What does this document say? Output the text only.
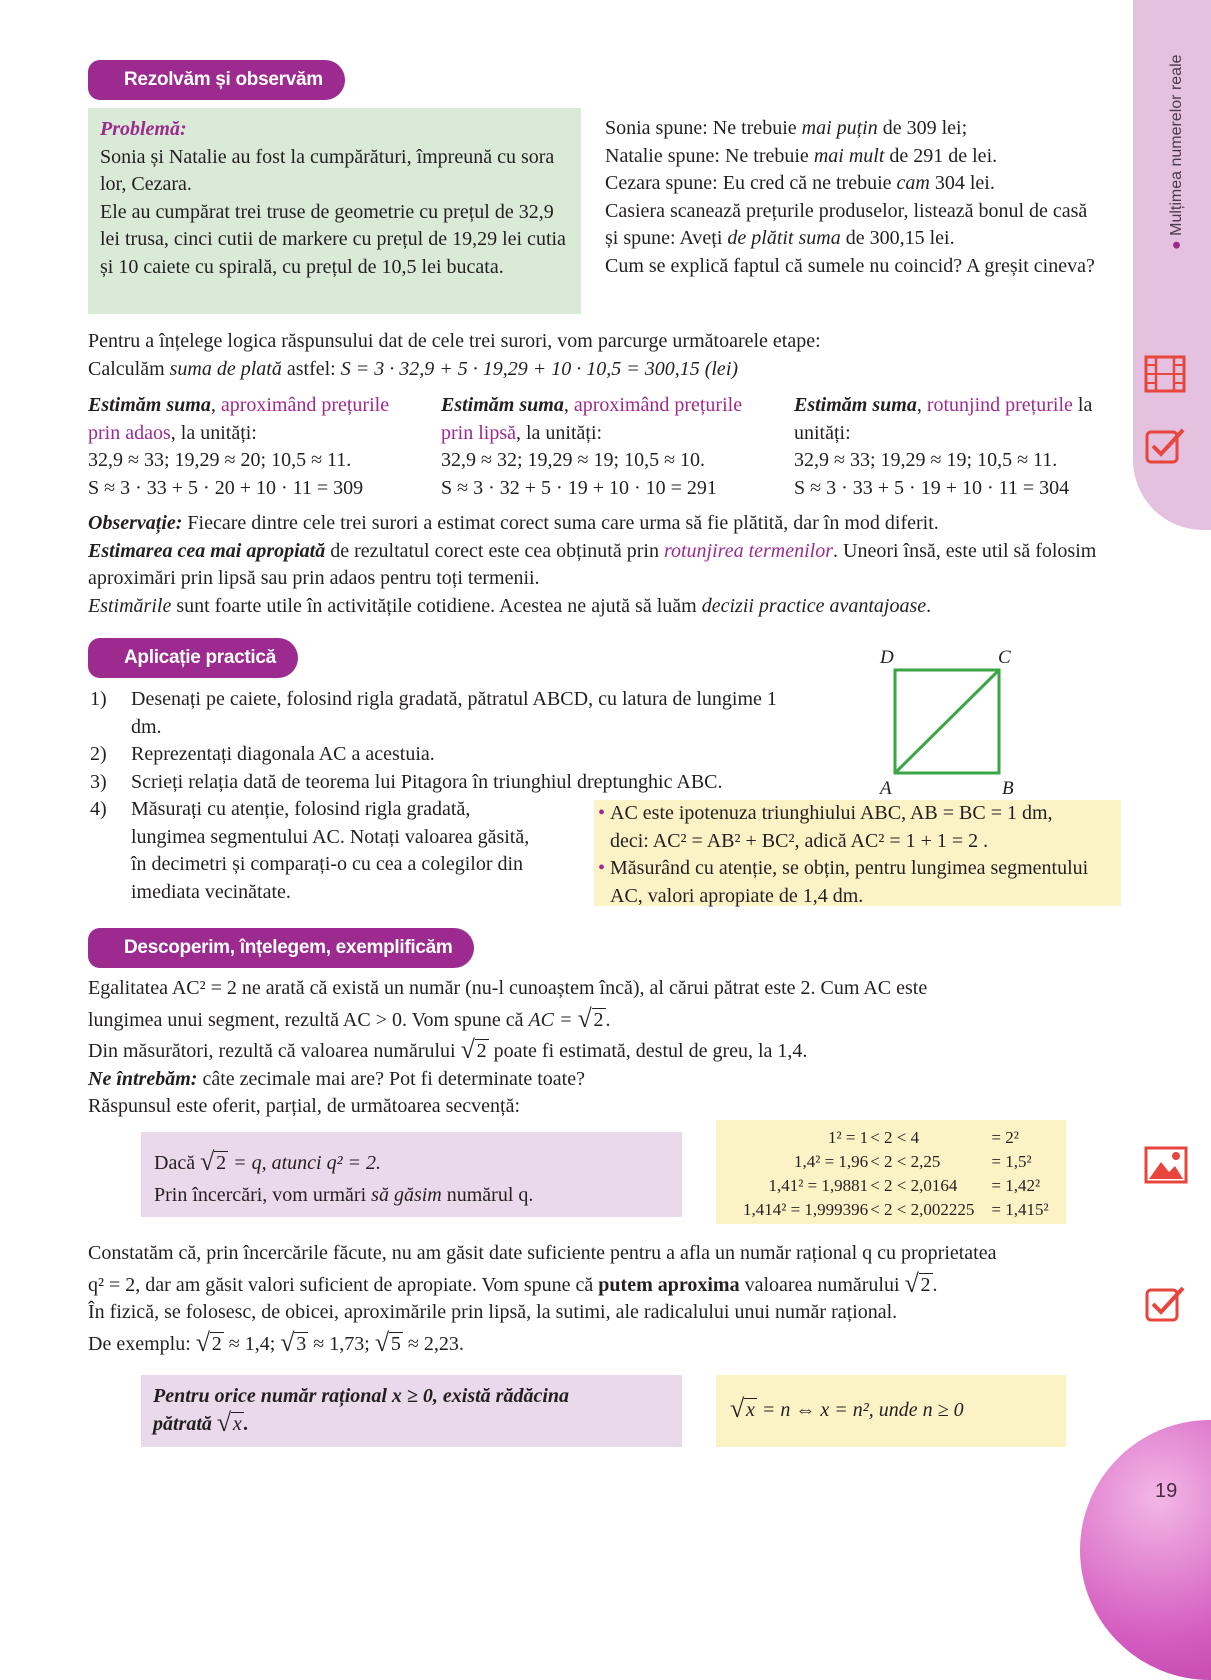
● Mulțimea numerelor reale
19
Rezolvăm și observăm
Problemă:
Sonia și Natalie au fost la cumpărături, împreună cu sora lor, Cezara.
Ele au cumpărat trei truse de geometrie cu prețul de 32,9 lei trusa, cinci cutii de markere cu prețul de 19,29 lei cutia și 10 caiete cu spirală, cu prețul de 10,5 lei bucata.
Sonia spune: Ne trebuie mai puțin de 309 lei;
Natalie spune: Ne trebuie mai mult de 291 de lei.
Cezara spune: Eu cred că ne trebuie cam 304 lei.
Casiera scanează prețurile produselor, listează bonul de casă și spune: Aveți de plătit suma de 300,15 lei.
Cum se explică faptul că sumele nu coincid? A greșit cineva?
Pentru a înțelege logica răspunsului dat de cele trei surori, vom parcurge următoarele etape:
Calculăm suma de plată astfel: S = 3 · 32,9 + 5 · 19,29 + 10 · 10,5 = 300,15 (lei)
Estimăm suma, aproximând prețurile prin adaos, la unități:
32,9 ≈ 33; 19,29 ≈ 20; 10,5 ≈ 11.
S ≈ 3 · 33 + 5 · 20 + 10 · 11 = 309
Estimăm suma, aproximând prețurile prin lipsă, la unități:
32,9 ≈ 32; 19,29 ≈ 19; 10,5 ≈ 10.
S ≈ 3 · 32 + 5 · 19 + 10 · 10 = 291
Estimăm suma, rotunjind prețurile la unități:
32,9 ≈ 33; 19,29 ≈ 19; 10,5 ≈ 11.
S ≈ 3 · 33 + 5 · 19 + 10 · 11 = 304
Observație: Fiecare dintre cele trei surori a estimat corect suma care urma să fie plătită, dar în mod diferit.
Estimarea cea mai apropiată de rezultatul corect este cea obținută prin rotunjirea termenilor. Uneori însă, este util să folosim aproximări prin lipsă sau prin adaos pentru toți termenii.
Estimările sunt foarte utile în activitățile cotidiene. Acestea ne ajută să luăm decizii practice avantajoase.
Aplicație practică	D	C
A	B
1) Desenați pe caiete, folosind rigla gradată, pătratul ABCD, cu latura de lungime 1 dm.
2) Reprezentați diagonala AC a acestuia.
3) Scrieți relația dată de teorema lui Pitagora în triunghiul dreptunghic ABC.
4) Măsurați cu atenție, folosind rigla gradată, lungimea segmentului AC. Notați valoarea găsită, în decimetri și comparați-o cu cea a colegilor din imediata vecinătate.
• AC este ipotenuza triunghiului ABC, AB = BC = 1 dm,
deci: AC² = AB² + BC², adică AC² = 1 + 1 = 2 .
• Măsurând cu atenție, se obțin, pentru lungimea segmentului AC, valori apropiate de 1,4 dm.
Descoperim, înțelegem, exemplificăm
Egalitatea AC² = 2 ne arată că există un număr (nu-l cunoaștem încă), al cărui pătrat este 2. Cum AC este
lungimea unui segment, rezultă AC > 0. Vom spune că AC = √ 2 .
Din măsurători, rezultă că valoarea numărului √ 2 poate fi estimată, destul de greu, la 1,4.
Ne întrebăm: câte zecimale mai are? Pot fi determinate toate?
Răspunsul este oferit, parțial, de următoarea secvență:
Dacă √ 2 = q, atunci q² = 2.
Prin încercări, vom urmări să găsim numărul q.
1² = 1	< 2 < 4	= 2²
1,4² = 1,96	< 2 < 2,25	= 1,5²
1,41² = 1,9881	< 2 < 2,0164	= 1,42²
1,414² = 1,999396	< 2 < 2,002225	= 1,415²
Constatăm că, prin încercările făcute, nu am găsit date suficiente pentru a afla un număr rațional q cu proprietatea
q² = 2, dar am găsit valori suficient de apropiate. Vom spune că putem aproxima valoarea numărului √ 2 .
În fizică, se folosesc, de obicei, aproximările prin lipsă, la sutimi, ale radicalului unui număr rațional.
De exemplu: √ 2 ≈ 1,4; √ 3 ≈ 1,73; √ 5 ≈ 2,23.
Pentru orice număr rațional x ≥ 0, există rădăcina
pătrată √ x .
√ x = n ⇔ x = n², unde n ≥ 0
